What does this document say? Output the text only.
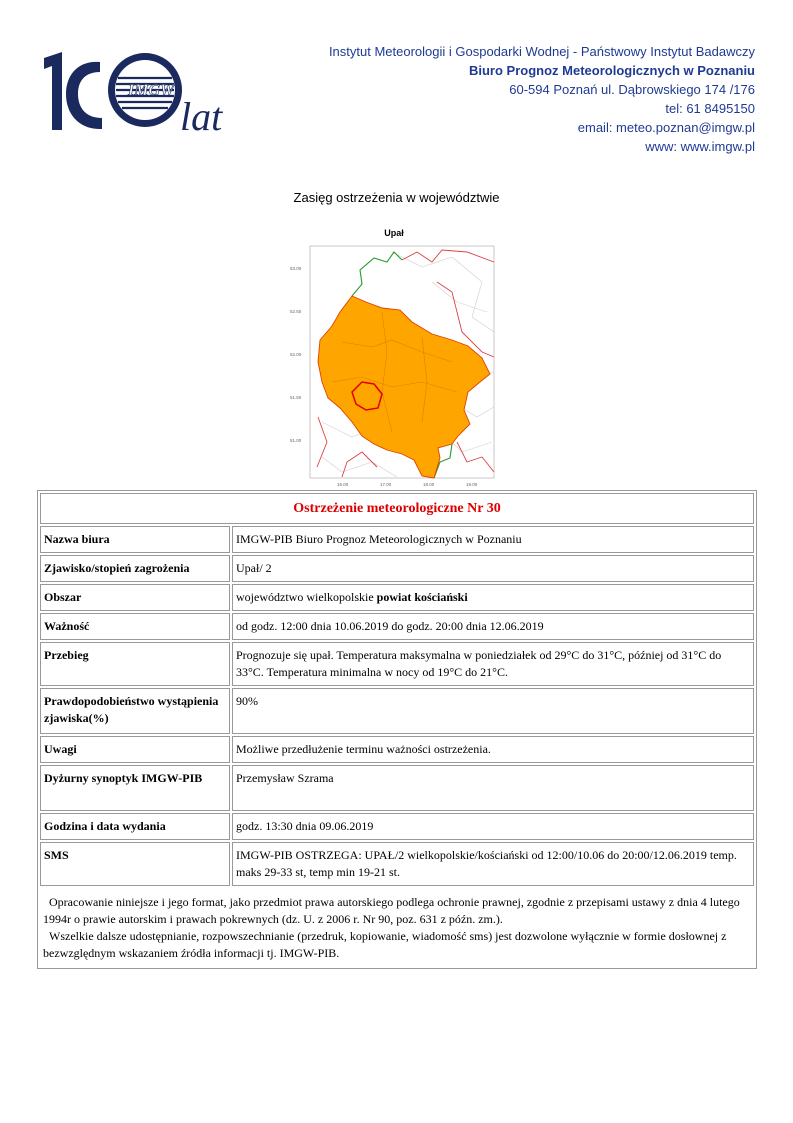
IMGW
lat
Instytut Meteorologii i Gospodarki Wodnej - Państwowy Instytut Badawczy
Biuro Prognoz Meteorologicznych w Poznaniu
60-594 Poznań ul. Dąbrowskiego 174 /176
tel: 61 8495150
email: meteo.poznan@imgw.pl
www: www.imgw.pl
Zasięg ostrzeżenia w województwie
Upał
53.00
52.50
52.00
51.50
51.00
16.00	17.00	18.00	19.00
Ostrzeżenie meteorologiczne Nr 30	
Nazwa biura	IMGW-PIB Biuro Prognoz Meteorologicznych w Poznaniu
Zjawisko/stopień zagrożenia	Upał/ 2
Obszar	województwo wielkopolskie powiat kościański
Ważność	od godz. 12:00 dnia 10.06.2019 do godz. 20:00 dnia 12.06.2019
Przebieg	Prognozuje się upał. Temperatura maksymalna w poniedziałek od 29°C do 31°C, później od 31°C do 33°C. Temperatura minimalna w nocy od 19°C do 21°C.
Prawdopodobieństwo wystąpienia zjawiska(%)	90%
Uwagi	Możliwe przedłużenie terminu ważności ostrzeżenia.
Dyżurny synoptyk IMGW-PIB	Przemysław Szrama
Godzina i data wydania	godz. 13:30 dnia 09.06.2019
SMS	IMGW-PIB OSTRZEGA: UPAŁ/2 wielkopolskie/kościański od 12:00/10.06 do 20:00/12.06.2019 temp. maks 29-33 st, temp min 19-21 st.

Opracowanie niniejsze i jego format, jako przedmiot prawa autorskiego podlega ochronie prawnej, zgodnie z przepisami ustawy z dnia 4 lutego 1994r o prawie autorskim i prawach pokrewnych (dz. U. z 2006 r. Nr 90, poz. 631 z późn. zm.).
Wszelkie dalsze udostępnianie, rozpowszechnianie (przedruk, kopiowanie, wiadomość sms) jest dozwolone wyłącznie w formie dosłownej z bezwzględnym wskazaniem źródła informacji tj. IMGW-PIB.	
